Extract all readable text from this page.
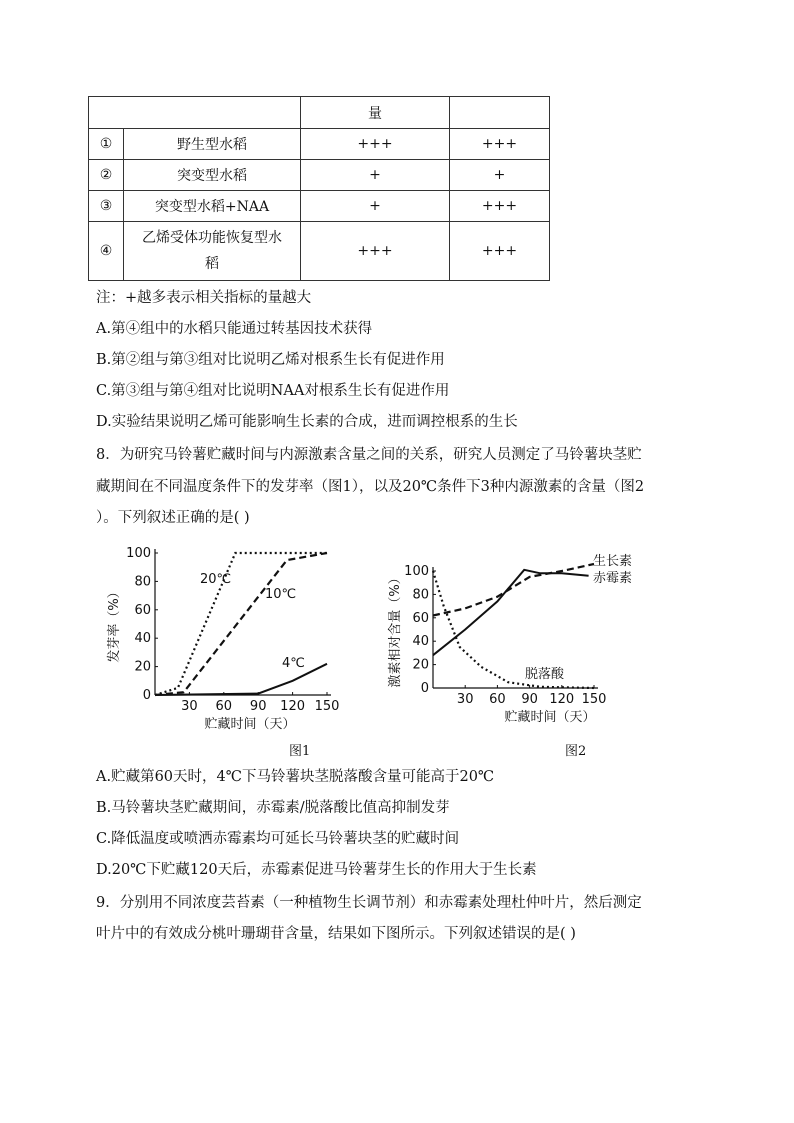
		量	
①	野生型水稻	+++	+++
②	突变型水稻	+	+
③	突变型水稻+NAA	+	+++
④	乙烯受体功能恢复型水
稻	+++	+++
注：+越多表示相关指标的量越大
A.第④组中的水稻只能通过转基因技术获得
B.第②组与第③组对比说明乙烯对根系生长有促进作用
C.第③组与第④组对比说明NAA对根系生长有促进作用
D.实验结果说明乙烯可能影响生长素的合成，进而调控根系的生长
8．为研究马铃薯贮藏时间与内源激素含量之间的关系，研究人员测定了马铃薯块茎贮
藏期间在不同温度条件下的发芽率（图1），以及20℃条件下3种内源激素的含量（图2
）。下列叙述正确的是( )
30 60 90 120 150
0
20
40
60
80
100
贮藏时间（天）
发芽率（%）
20℃
10℃
4℃
图1
30 60 90 120 150
0
20
40
60
80
100
贮藏时间（天）
激素相对含量（%）
生长素
赤霉素
脱落酸
图2
A.贮藏第60天时，4℃下马铃薯块茎脱落酸含量可能高于20℃
B.马铃薯块茎贮藏期间，赤霉素/脱落酸比值高抑制发芽
C.降低温度或喷洒赤霉素均可延长马铃薯块茎的贮藏时间
D.20℃下贮藏120天后，赤霉素促进马铃薯芽生长的作用大于生长素
9．分别用不同浓度芸苔素（一种植物生长调节剂）和赤霉素处理杜仲叶片，然后测定
叶片中的有效成分桃叶珊瑚苷含量，结果如下图所示。下列叙述错误的是( )
